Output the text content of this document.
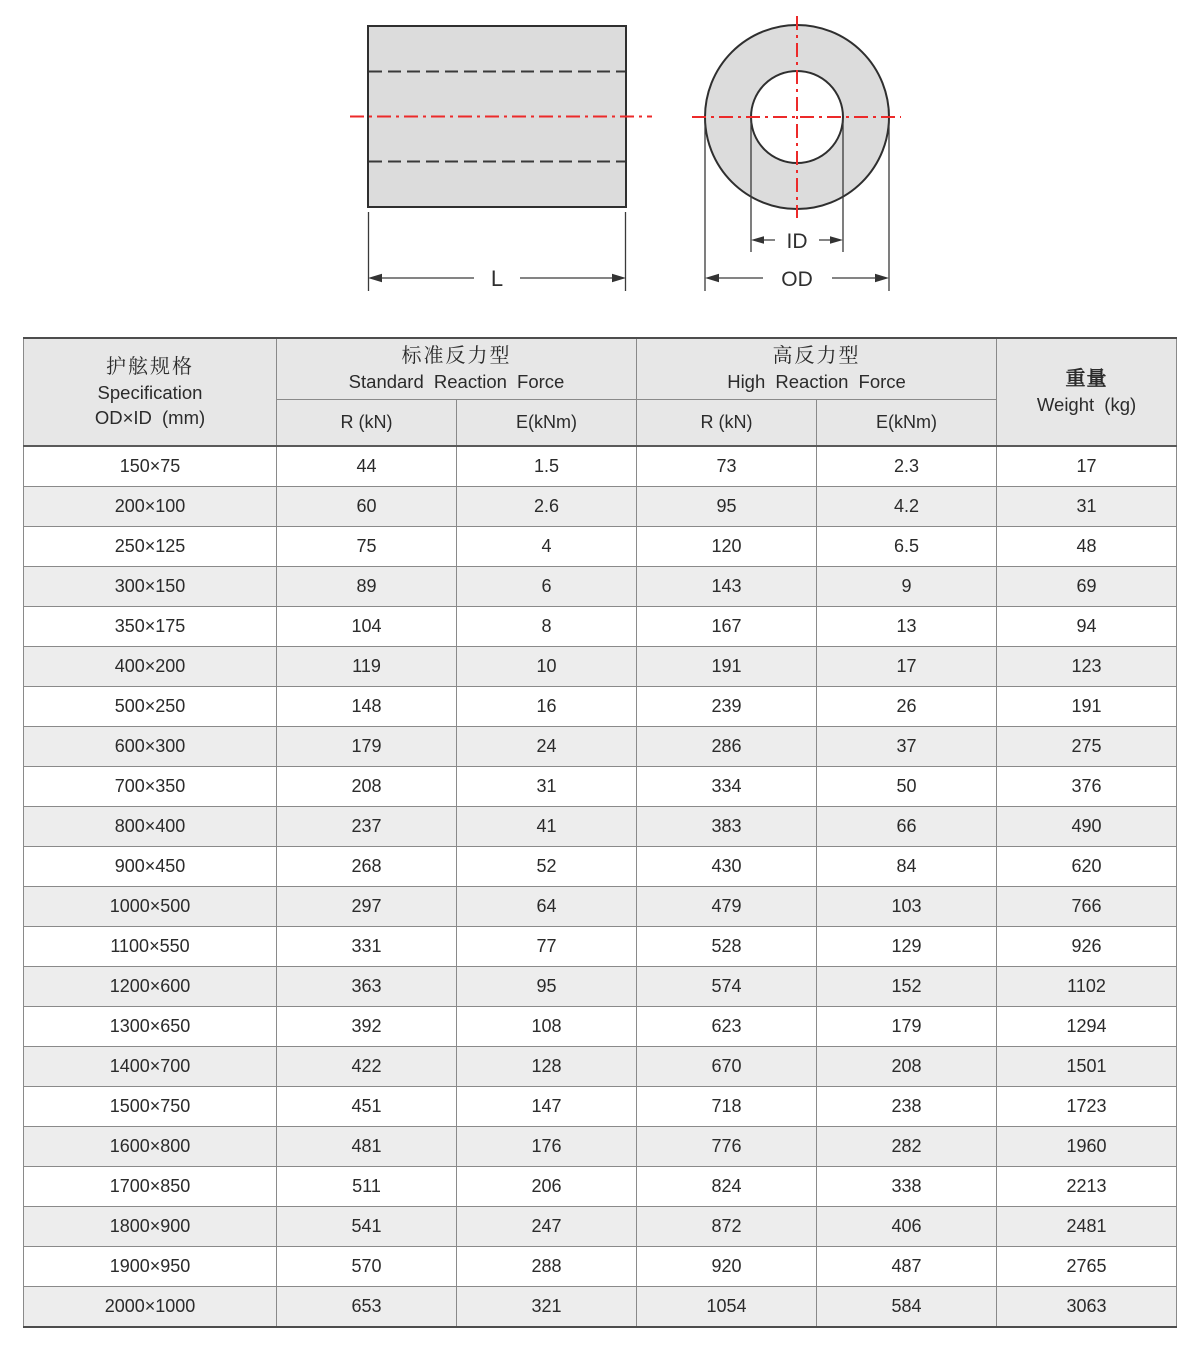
L
ID
OD
护舷规格
Specification
OD×ID (mm)

标准反力型
Standard Reaction Force

高反力型
High Reaction Force	重量
Weight (kg)

	R (kN)	E(kNm)	R (kN)	E(kNm)	
150×75	44	1.5	73	2.3	17
200×100	60	2.6	95	4.2	31
250×125	75	4	120	6.5	48
300×150	89	6	143	9	69
350×175	104	8	167	13	94
400×200	119	10	191	17	123
500×250	148	16	239	26	191
600×300	179	24	286	37	275
700×350	208	31	334	50	376
800×400	237	41	383	66	490
900×450	268	52	430	84	620
1000×500	297	64	479	103	766
1100×550	331	77	528	129	926
1200×600	363	95	574	152	1102
1300×650	392	108	623	179	1294
1400×700	422	128	670	208	1501
1500×750	451	147	718	238	1723
1600×800	481	176	776	282	1960
1700×850	511	206	824	338	2213
1800×900	541	247	872	406	2481
1900×950	570	288	920	487	2765
2000×1000	653	321	1054	584	3063
